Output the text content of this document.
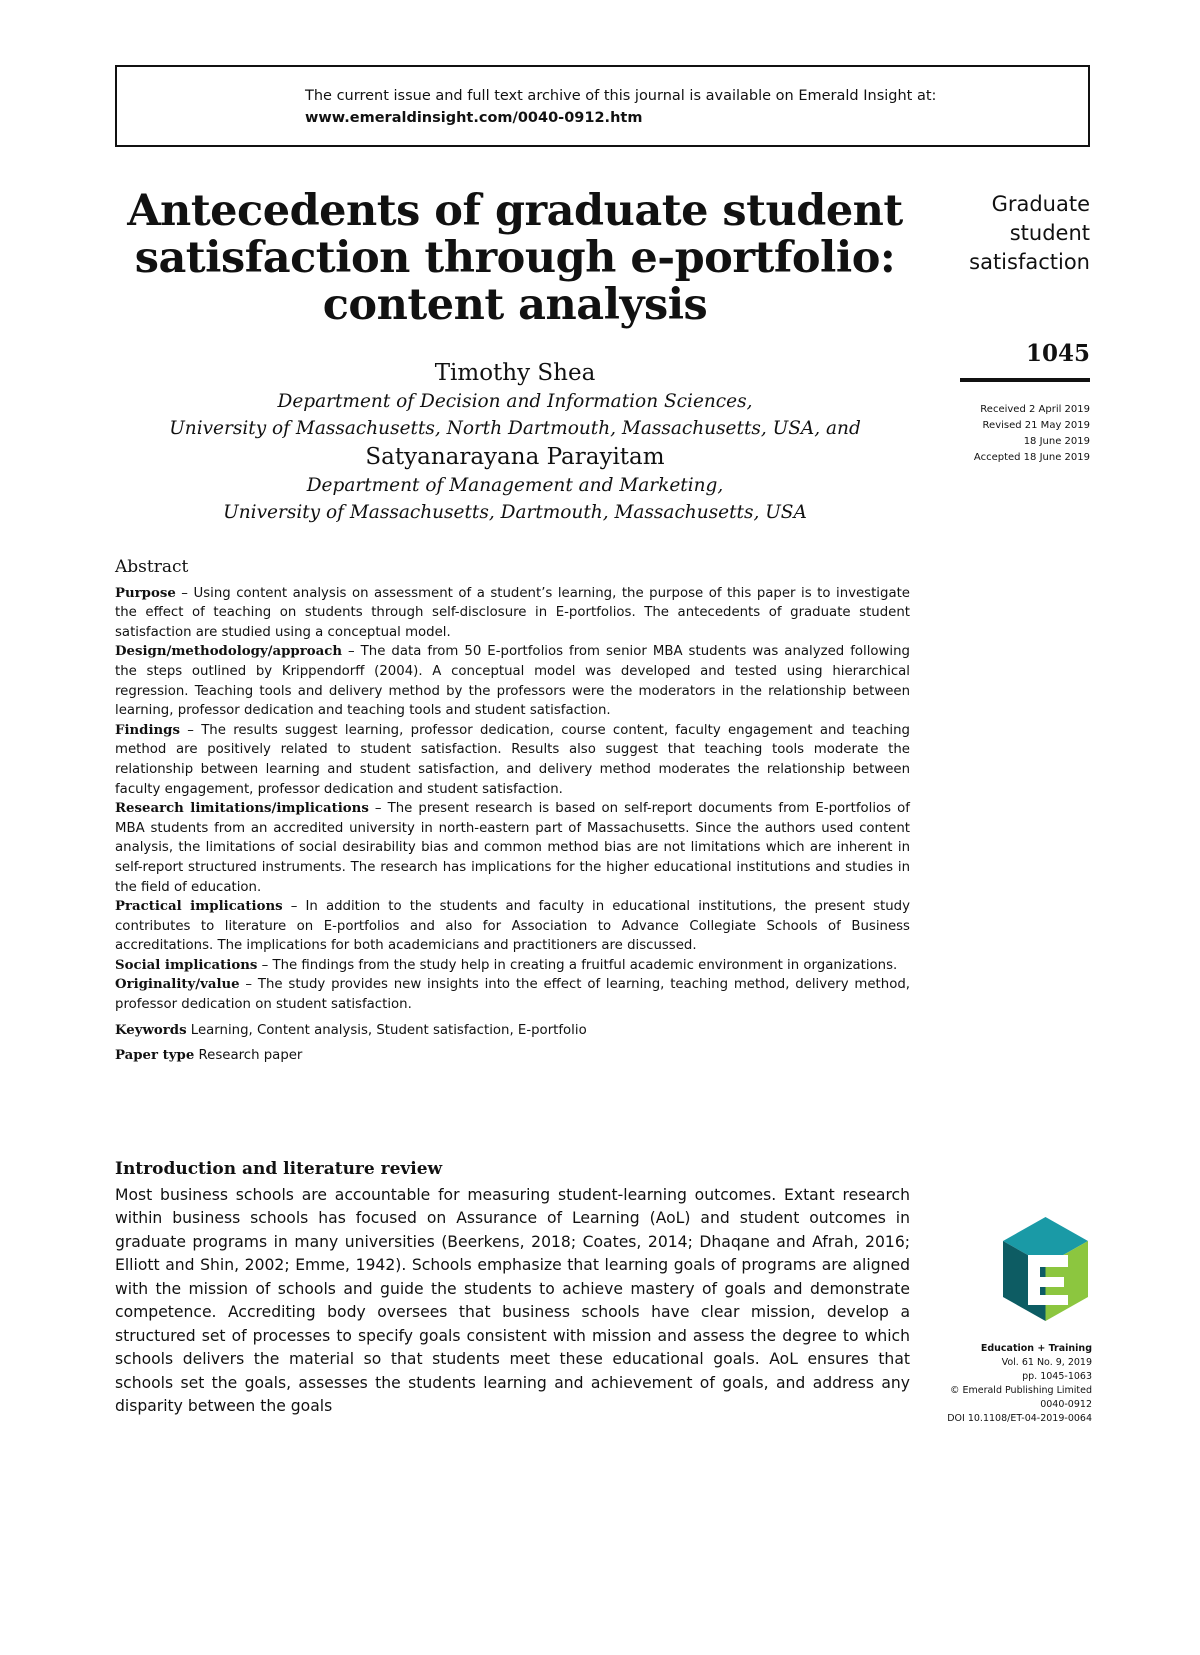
The current issue and full text archive of this journal is available on Emerald Insight at:
www.emeraldinsight.com/0040-0912.htm
Antecedents of graduate student
satisfaction through e-portfolio:
content analysis
Timothy Shea
Department of Decision and Information Sciences,
University of Massachusetts, North Dartmouth, Massachusetts, USA, and
Satyanarayana Parayitam
Department of Management and Marketing,
University of Massachusetts, Dartmouth, Massachusetts, USA
Graduate
student
satisfaction
1045
Received 2 April 2019
Revised 21 May 2019
18 June 2019
Accepted 18 June 2019
Abstract

Purpose – Using content analysis on assessment of a student’s learning, the purpose of this paper is to investigate the effect of teaching on students through self-disclosure in E-portfolios. The antecedents of graduate student satisfaction are studied using a conceptual model.

Design/methodology/approach – The data from 50 E-portfolios from senior MBA students was analyzed following the steps outlined by Krippendorff (2004). A conceptual model was developed and tested using hierarchical regression. Teaching tools and delivery method by the professors were the moderators in the relationship between learning, professor dedication and teaching tools and student satisfaction.

Findings – The results suggest learning, professor dedication, course content, faculty engagement and teaching method are positively related to student satisfaction. Results also suggest that teaching tools moderate the relationship between learning and student satisfaction, and delivery method moderates the relationship between faculty engagement, professor dedication and student satisfaction.

Research limitations/implications – The present research is based on self-report documents from E-portfolios of MBA students from an accredited university in north-eastern part of Massachusetts. Since the authors used content analysis, the limitations of social desirability bias and common method bias are not limitations which are inherent in self-report structured instruments. The research has implications for the higher educational institutions and studies in the field of education.

Practical implications – In addition to the students and faculty in educational institutions, the present study contributes to literature on E-portfolios and also for Association to Advance Collegiate Schools of Business accreditations. The implications for both academicians and practitioners are discussed.

Social implications – The findings from the study help in creating a fruitful academic environment in organizations.

Originality/value – The study provides new insights into the effect of learning, teaching method, delivery method, professor dedication on student satisfaction.

Keywords Learning, Content analysis, Student satisfaction, E-portfolio

Paper type Research paper

Introduction and literature review

Most business schools are accountable for measuring student-learning outcomes. Extant research within business schools has focused on Assurance of Learning (AoL) and student outcomes in graduate programs in many universities (Beerkens, 2018; Coates, 2014; Dhaqane and Afrah, 2016; Elliott and Shin, 2002; Emme, 1942). Schools emphasize that learning goals of programs are aligned with the mission of schools and guide the students to achieve mastery of goals and demonstrate competence. Accrediting body oversees that business schools have clear mission, develop a structured set of processes to specify goals consistent with mission and assess the degree to which schools delivers the material so that students meet these educational goals. AoL ensures that schools set the goals, assesses the students learning and achievement of goals, and address any disparity between the goals

Education + Training
Vol. 61 No. 9, 2019
pp. 1045-1063
© Emerald Publishing Limited
0040-0912
DOI 10.1108/ET-04-2019-0064
